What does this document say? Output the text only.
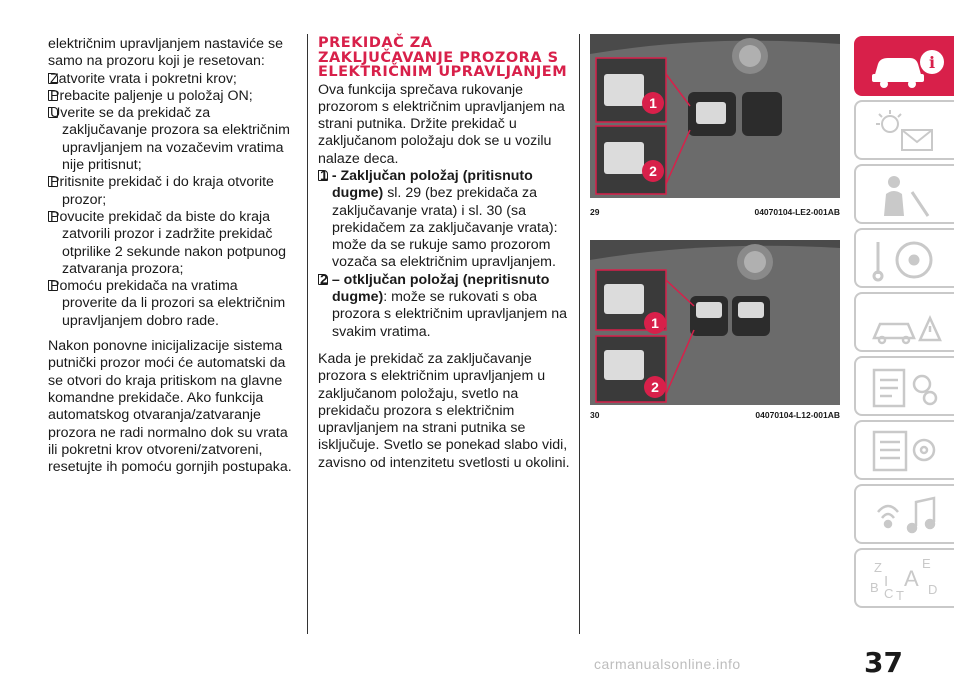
električnim upravljanjem nastaviće se samo na prozoru koji je resetovan:

Zatvorite vrata i pokretni krov;
Prebacite paljenje u položaj ON;
Uverite se da prekidač za zaključavanje prozora sa električnim upravljanjem na vozačevim vratima nije pritisnut;
Pritisnite prekidač i do kraja otvorite prozor;
Povucite prekidač da biste do kraja zatvorili prozor i zadržite prekidač otprilike 2 sekunde nakon potpunog zatvaranja prozora;
Pomoću prekidača na vratima proverite da li prozori sa električnim upravljanjem dobro rade.

Nakon ponovne inicijalizacije sistema putnički prozor moći će automatski da se otvori do kraja pritiskom na glavne komandne prekidače. Ako funkcija automatskog otvaranja/zatvaranje prozora ne radi normalno dok su vrata ili pokretni krov otvoreni/zatvoreni, resetujte ih pomoću gornjih postupaka.

PREKIDAČ ZA ZAKLJUČAVANJE PROZORA S ELEKTRIČNIM UPRAVLJANJEM

Ova funkcija sprečava rukovanje prozorom s električnim upravljanjem na strani putnika. Držite prekidač u zaključanom položaju dok se u vozilu nalaze deca.

1 - Zaključan položaj (pritisnuto dugme) sl. 29 (bez prekidača za zaključavanje vrata) i sl. 30 (sa prekidačem za zaključavanje vrata): može da se rukuje samo prozorom vozača sa električnim upravljanjem.
2 – otključan položaj (nepritisnuto dugme): može se rukovati s oba prozora s električnim upravljanjem na svakim vratima.

Kada je prekidač za zaključavanje prozora s električnim upravljanjem u zaključanom položaju, svetlo na prekidaču prozora s električnim upravljanjem na strani putnika se isključuje. Svetlo se ponekad slabo vidi, zavisno od intenzitetu svetlosti u okolini.

1
2
29	04070104-LE2-001AB
1
2
30	04070104-L12-001AB
i
Z	E
B A
C T D
I
37
carmanualsonline.info
